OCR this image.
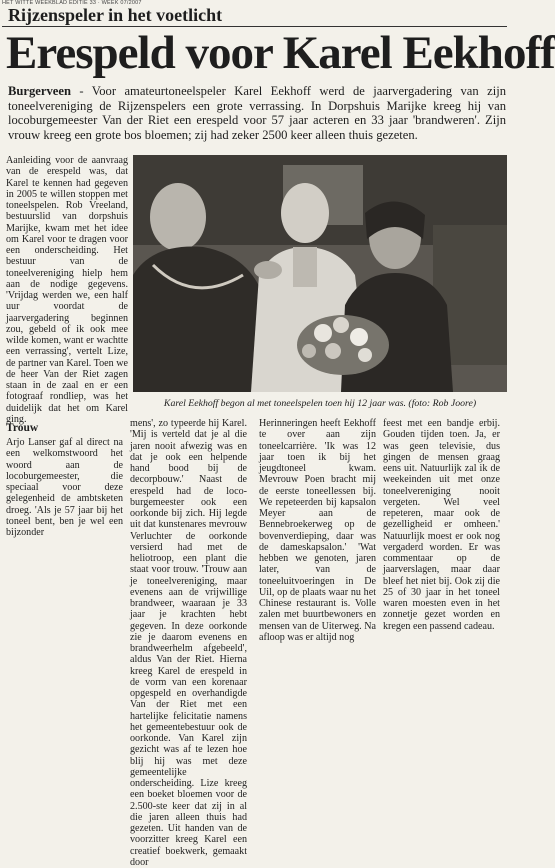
HET WITTE WEEKBLAD EDITIE 33 · WEEK 07/2007
Rijzenspeler in het voetlicht
Erespeld voor Karel Eekhoff
Burgerveen - Voor amateurtoneelspeler Karel Eekhoff werd de jaarvergadering van zijn toneelvereniging de Rijzenspelers een grote verrassing. In Dorpshuis Marijke kreeg hij van locoburgemeester Van der Riet een erespeld voor 57 jaar acteren en 33 jaar 'brandweren'. Zijn vrouw kreeg een grote bos bloemen; zij had zeker 2500 keer alleen thuis gezeten.

Aanleiding voor de aanvraag van de erespeld was, dat Karel te kennen had gegeven in 2005 te willen stoppen met toneelspelen. Rob Vreeland, bestuurslid van dorpshuis Marijke, kwam met het idee om Karel voor te dragen voor een onderscheiding. Het bestuur van de toneelvereniging hielp hem aan de nodige gegevens. 'Vrijdag werden we, een half uur voordat de jaarvergadering beginnen zou, gebeld of ik ook mee wilde komen, want er wachtte een verrassing', vertelt Lize, de partner van Karel. Toen we de heer Van der Riet zagen staan in de zaal en er een fotograaf rondliep, was het duidelijk dat het om Karel ging.

Karel Eekhoff begon al met toneelspelen toen hij 12 jaar was. (foto: Rob Joore)
Trouw

Arjo Lanser gaf al direct na een welkomstwoord het woord aan de locoburgemeester, die speciaal voor deze gelegenheid de ambtsketen droeg. 'Als je 57 jaar bij het toneel bent, ben je wel een bijzonder

mens', zo typeerde hij Karel. 'Mij is verteld dat je al die jaren nooit afwezig was en dat je ook een helpende hand bood bij de decorpbouw.' Naast de erespeld had de loco-burgemeester ook een oorkonde bij zich. Hij legde uit dat kunstenares mevrouw Verluchter de oorkonde versierd had met de heliotroop, een plant die staat voor trouw. 'Trouw aan je toneelvereniging, maar evenens aan de vrijwillige brandweer, waaraan je 33 jaar je krachten hebt gegeven. In deze oorkonde zie je daarom evenens en brandweerhelm afgebeeld', aldus Van der Riet. Hierna kreeg Karel de erespeld in de vorm van een korenaar opgespeld en overhandigde Van der Riet met een hartelijke felicitatie namens het gemeentebestuur ook de oorkonde. Van Karel zijn gezicht was af te lezen hoe blij hij was met deze gemeentelijke onderscheiding. Lize kreeg een boeket bloemen voor de 2.500-ste keer dat zij in al die jaren alleen thuis had gezeten. Uit handen van de voorzitter kreeg Karel een creatief boekwerk, gemaakt door

Herinneringen heeft Eekhoff te over aan zijn toneelcarrière. 'Ik was 12 jaar toen ik bij het jeugdtoneel kwam. Mevrouw Poen bracht mij de eerste toneellessen bij. We repeteerden bij kapsalon Meyer aan de Bennebroekerweg op de bovenverdieping, daar was de dameskapsalon.' 'Wat hebben we genoten, jaren later, van de toneeluitvoeringen in De Uil, op de plaats waar nu het Chinese restaurant is. Volle zalen met buurtbewoners en mensen van de Uiterweg. Na afloop was er altijd nog

feest met een bandje erbij. Gouden tijden toen. Ja, er was geen televisie, dus gingen de mensen graag eens uit. Natuurlijk zal ik de weekeinden uit met onze toneelvereniging nooit vergeten. Wel veel repeteren, maar ook de gezelligheid er omheen.' Natuurlijk moest er ook nog vergaderd worden. Er was commentaar op de jaarverslagen, maar daar bleef het niet bij. Ook zij die 25 of 30 jaar in het toneel waren moesten even in het zonnetje gezet worden en kregen een passend cadeau.
